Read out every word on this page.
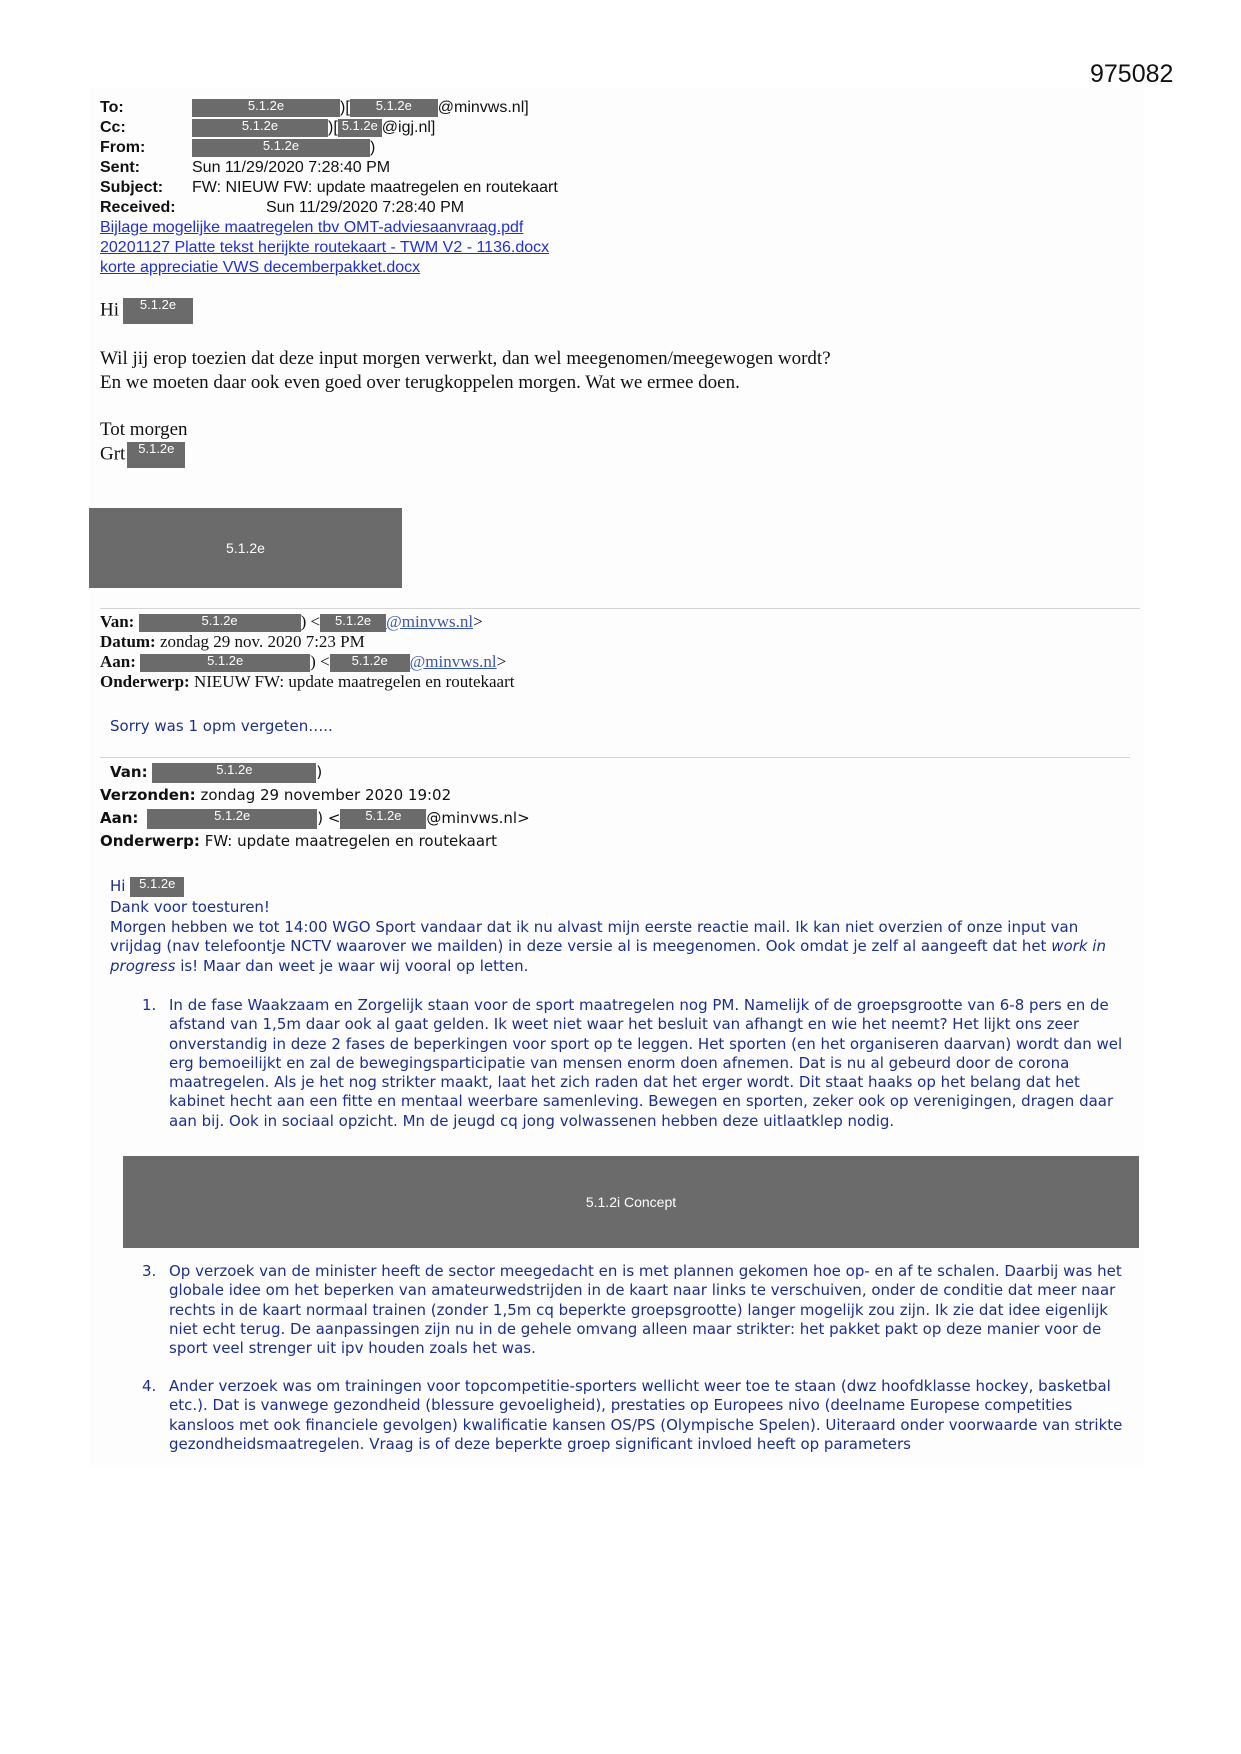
975082
To:	5.1.2e	)[ 5.1.2e @minvws.nl]
Cc:	5.1.2e	)[ 5.1.2e @igj.nl]
From:	5.1.2e	)
Sent:	Sun 11/29/2020 7:28:40 PM
Subject: FW: NIEUW FW: update maatregelen en routekaart
Received:	Sun 11/29/2020 7:28:40 PM
Bijlage mogelijke maatregelen tbv OMT-adviesaanvraag.pdf
20201127 Platte tekst herijkte routekaart - TWM V2 - 1136.docx
korte appreciatie VWS decemberpakket.docx
Hi 5.1.2e
Wil jij erop toezien dat deze input morgen verwerkt, dan wel meegenomen/meegewogen wordt?
En we moeten daar ook even goed over terugkoppelen morgen. Wat we ermee doen.
Tot morgen
Grt 5.1.2e
5.1.2e
Van:	5.1.2e	) < 5.1.2e @minvws.nl>
Datum: zondag 29 nov. 2020 7:23 PM
Aan:	5.1.2e	) < 5.1.2e @minvws.nl>
Onderwerp: NIEUW FW: update maatregelen en routekaart
Sorry was 1 opm vergeten…..
Van:	5.1.2e	)
Verzonden: zondag 29 november 2020 19:02
Aan:	5.1.2e	) < 5.1.2e @minvws.nl>
Onderwerp: FW: update maatregelen en routekaart
Hi 5.1.2e
Dank voor toesturen!
Morgen hebben we tot 14:00 WGO Sport vandaar dat ik nu alvast mijn eerste reactie mail. Ik kan niet overzien of onze input van vrijdag (nav telefoontje NCTV waarover we mailden) in deze versie al is meegenomen. Ook omdat je zelf al aangeeft dat het work in progress is! Maar dan weet je waar wij vooral op letten.
1. In de fase Waakzaam en Zorgelijk staan voor de sport maatregelen nog PM. Namelijk of de groepsgrootte van 6-8 pers en de afstand van 1,5m daar ook al gaat gelden. Ik weet niet waar het besluit van afhangt en wie het neemt? Het lijkt ons zeer onverstandig in deze 2 fases de beperkingen voor sport op te leggen. Het sporten (en het organiseren daarvan) wordt dan wel erg bemoeilijkt en zal de bewegingsparticipatie van mensen enorm doen afnemen. Dat is nu al gebeurd door de corona maatregelen. Als je het nog strikter maakt, laat het zich raden dat het erger wordt. Dit staat haaks op het belang dat het kabinet hecht aan een fitte en mentaal weerbare samenleving. Bewegen en sporten, zeker ook op verenigingen, dragen daar aan bij. Ook in sociaal opzicht. Mn de jeugd cq jong volwassenen hebben deze uitlaatklep nodig.
5.1.2i Concept
3. Op verzoek van de minister heeft de sector meegedacht en is met plannen gekomen hoe op- en af te schalen. Daarbij was het globale idee om het beperken van amateurwedstrijden in de kaart naar links te verschuiven, onder de conditie dat meer naar rechts in de kaart normaal trainen (zonder 1,5m cq beperkte groepsgrootte) langer mogelijk zou zijn. Ik zie dat idee eigenlijk niet echt terug. De aanpassingen zijn nu in de gehele omvang alleen maar strikter: het pakket pakt op deze manier voor de sport veel strenger uit ipv houden zoals het was.
4. Ander verzoek was om trainingen voor topcompetitie-sporters wellicht weer toe te staan (dwz hoofdklasse hockey, basketbal etc.). Dat is vanwege gezondheid (blessure gevoeligheid), prestaties op Europees nivo (deelname Europese competities kansloos met ook financiele gevolgen) kwalificatie kansen OS/PS (Olympische Spelen). Uiteraard onder voorwaarde van strikte gezondheidsmaatregelen. Vraag is of deze beperkte groep significant invloed heeft op parameters
